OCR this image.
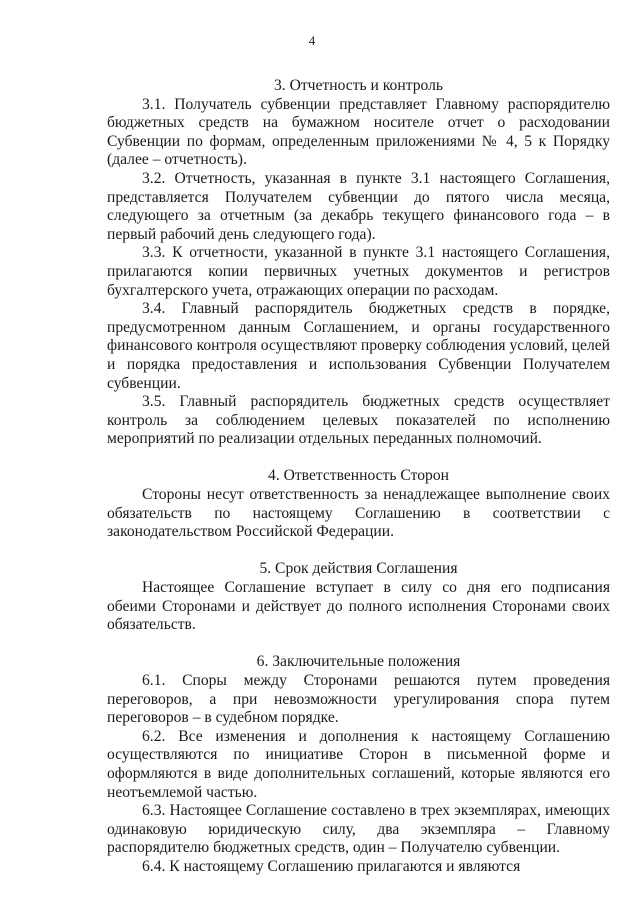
4
3. Отчетность и контроль

3.1. Получатель субвенции представляет Главному распорядителю бюджетных средств на бумажном носителе отчет о расходовании Субвенции по формам, определенным приложениями № 4, 5 к Порядку (далее – отчетность).

3.2. Отчетность, указанная в пункте 3.1 настоящего Соглашения, представляется Получателем субвенции до пятого числа месяца, следующего за отчетным (за декабрь текущего финансового года – в первый рабочий день следующего года).

3.3. К отчетности, указанной в пункте 3.1 настоящего Соглашения, прилагаются копии первичных учетных документов и регистров бухгалтерского учета, отражающих операции по расходам.

3.4. Главный распорядитель бюджетных средств в порядке, предусмотренном данным Соглашением, и органы государственного финансового контроля осуществляют проверку соблюдения условий, целей и порядка предоставления и использования Субвенции Получателем субвенции.

3.5. Главный распорядитель бюджетных средств осуществляет контроль за соблюдением целевых показателей по исполнению мероприятий по реализации отдельных переданных полномочий.

4. Ответственность Сторон

Стороны несут ответственность за ненадлежащее выполнение своих обязательств по настоящему Соглашению в соответствии с законодательством Российской Федерации.

5. Срок действия Соглашения

Настоящее Соглашение вступает в силу со дня его подписания обеими Сторонами и действует до полного исполнения Сторонами своих обязательств.

6. Заключительные положения

6.1. Споры между Сторонами решаются путем проведения переговоров, а при невозможности урегулирования спора путем переговоров – в судебном порядке.

6.2. Все изменения и дополнения к настоящему Соглашению осуществляются по инициативе Сторон в письменной форме и оформляются в виде дополнительных соглашений, которые являются его неотъемлемой частью.

6.3. Настоящее Соглашение составлено в трех экземплярах, имеющих одинаковую юридическую силу, два экземпляра – Главному распорядителю бюджетных средств, один – Получателю субвенции.

6.4. К настоящему Соглашению прилагаются и являются
